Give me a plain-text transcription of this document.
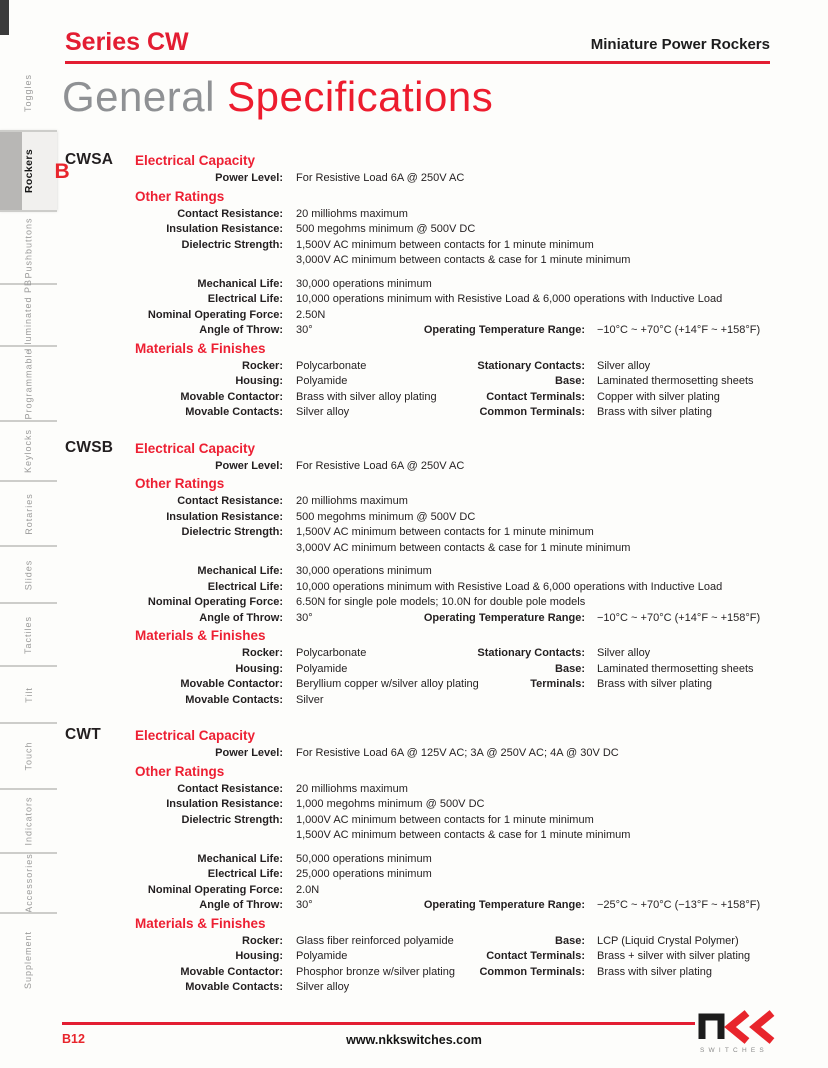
Toggles
Rockers B
Pushbuttons
Illuminated PB
Programmable
Keylocks
Rotaries
Slides
Tactiles
Tilt
Touch
Indicators
Accessories
Supplement
Series CW	Miniature Power Rockers
General Specifications
CWSA Electrical Capacity
Power Level: For Resistive Load 6A @ 250V AC
Other Ratings
Contact Resistance: 20 milliohms maximum
Insulation Resistance: 500 megohms minimum @ 500V DC
Dielectric Strength: 1,500V AC minimum between contacts for 1 minute minimum
3,000V AC minimum between contacts & case for 1 minute minimum
Mechanical Life: 30,000 operations minimum
Electrical Life: 10,000 operations minimum with Resistive Load & 6,000 operations with Inductive Load
Nominal Operating Force: 2.50N
Angle of Throw: 30°	Operating Temperature Range: −10°C ~ +70°C (+14°F ~ +158°F)
Materials & Finishes
Rocker: Polycarbonate	Stationary Contacts: Silver alloy
Housing: Polyamide	Base: Laminated thermosetting sheets
Movable Contactor: Brass with silver alloy plating	Contact Terminals: Copper with silver plating
Movable Contacts: Silver alloy	Common Terminals: Brass with silver plating
CWSB Electrical Capacity
Power Level: For Resistive Load 6A @ 250V AC
Other Ratings
Contact Resistance: 20 milliohms maximum
Insulation Resistance: 500 megohms minimum @ 500V DC
Dielectric Strength: 1,500V AC minimum between contacts for 1 minute minimum
3,000V AC minimum between contacts & case for 1 minute minimum
Mechanical Life: 30,000 operations minimum
Electrical Life: 10,000 operations minimum with Resistive Load & 6,000 operations with Inductive Load
Nominal Operating Force: 6.50N for single pole models; 10.0N for double pole models
Angle of Throw: 30°	Operating Temperature Range: −10°C ~ +70°C (+14°F ~ +158°F)
Materials & Finishes
Rocker: Polycarbonate	Stationary Contacts: Silver alloy
Housing: Polyamide	Base: Laminated thermosetting sheets
Movable Contactor: Beryllium copper w/silver alloy plating	Terminals: Brass with silver plating
Movable Contacts: Silver
CWT	Electrical Capacity
Power Level: For Resistive Load 6A @ 125V AC; 3A @ 250V AC; 4A @ 30V DC
Other Ratings
Contact Resistance: 20 milliohms maximum
Insulation Resistance: 1,000 megohms minimum @ 500V DC
Dielectric Strength: 1,000V AC minimum between contacts for 1 minute minimum
1,500V AC minimum between contacts & case for 1 minute minimum
Mechanical Life: 50,000 operations minimum
Electrical Life: 25,000 operations minimum
Nominal Operating Force: 2.0N
Angle of Throw: 30°	Operating Temperature Range: −25°C ~ +70°C (−13°F ~ +158°F)
Materials & Finishes
Rocker: Glass fiber reinforced polyamide	Base: LCP (Liquid Crystal Polymer)
Housing: Polyamide	Contact Terminals: Brass + silver with silver plating
Movable Contactor: Phosphor bronze w/silver plating Common Terminals: Brass with silver plating
Movable Contacts: Silver alloy
B12	www.nkkswitches.com
SWITCHES
